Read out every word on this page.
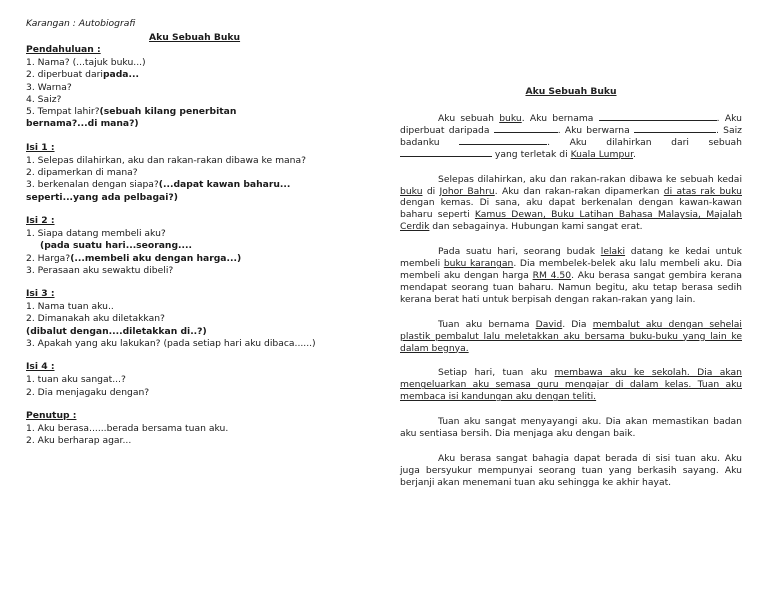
Karangan : Autobiografi
Aku Sebuah Buku
Pendahuluan :
1. Nama? (...tajuk buku...)
2. diperbuat daripada...
3. Warna?
4. Saiz?
5. Tempat lahir?(sebuah kilang penerbitan
bernama?...di mana?)
Isi 1 :
1. Selepas dilahirkan, aku dan rakan-rakan dibawa ke mana?
2. dipamerkan di mana?
3. berkenalan dengan siapa?(...dapat kawan baharu...
seperti...yang ada pelbagai?)
Isi 2 :
1. Siapa datang membeli aku?
(pada suatu hari...seorang....
2. Harga?(...membeli aku dengan harga...)
3. Perasaan aku sewaktu dibeli?
Isi 3 :
1. Nama tuan aku..
2. Dimanakah aku diletakkan?
(dibalut dengan....diletakkan di..?)
3. Apakah yang aku lakukan? (pada setiap hari aku dibaca......)
Isi 4 :
1. tuan aku sangat...?
2. Dia menjagaku dengan?
Penutup :
1. Aku berasa......berada bersama tuan aku.
2. Aku berharap agar...
Aku Sebuah Buku

Aku sebuah buku. Aku bernama	. Aku diperbuat daripada	. Aku berwarna	. Saiz badanku	. Aku dilahirkan dari sebuah  yang terletak di Kuala Lumpur.

Selepas dilahirkan, aku dan rakan-rakan dibawa ke sebuah kedai buku di Johor Bahru. Aku dan rakan-rakan dipamerkan di atas rak buku dengan kemas. Di sana, aku dapat berkenalan dengan kawan-kawan baharu seperti Kamus Dewan, Buku Latihan Bahasa Malaysia, Majalah Cerdik dan sebagainya. Hubungan kami sangat erat.

Pada suatu hari, seorang budak lelaki datang ke kedai untuk membeli buku karangan. Dia membelek-belek aku lalu membeli aku. Dia membeli aku dengan harga RM 4.50. Aku berasa sangat gembira kerana mendapat seorang tuan baharu. Namun begitu, aku tetap berasa sedih kerana berat hati untuk berpisah dengan rakan-rakan yang lain.

Tuan aku bernama David. Dia membalut aku dengan sehelai plastik pembalut lalu meletakkan aku bersama buku-buku yang lain ke dalam begnya.

Setiap hari, tuan aku membawa aku ke sekolah. Dia akan mengeluarkan aku semasa guru mengajar di dalam kelas. Tuan aku membaca isi kandungan aku dengan teliti.

Tuan aku sangat menyayangi aku. Dia akan memastikan badan aku sentiasa bersih. Dia menjaga aku dengan baik.

Aku berasa sangat bahagia dapat berada di sisi tuan aku. Aku juga bersyukur mempunyai seorang tuan yang berkasih sayang. Aku berjanji akan menemani tuan aku sehingga ke akhir hayat.
